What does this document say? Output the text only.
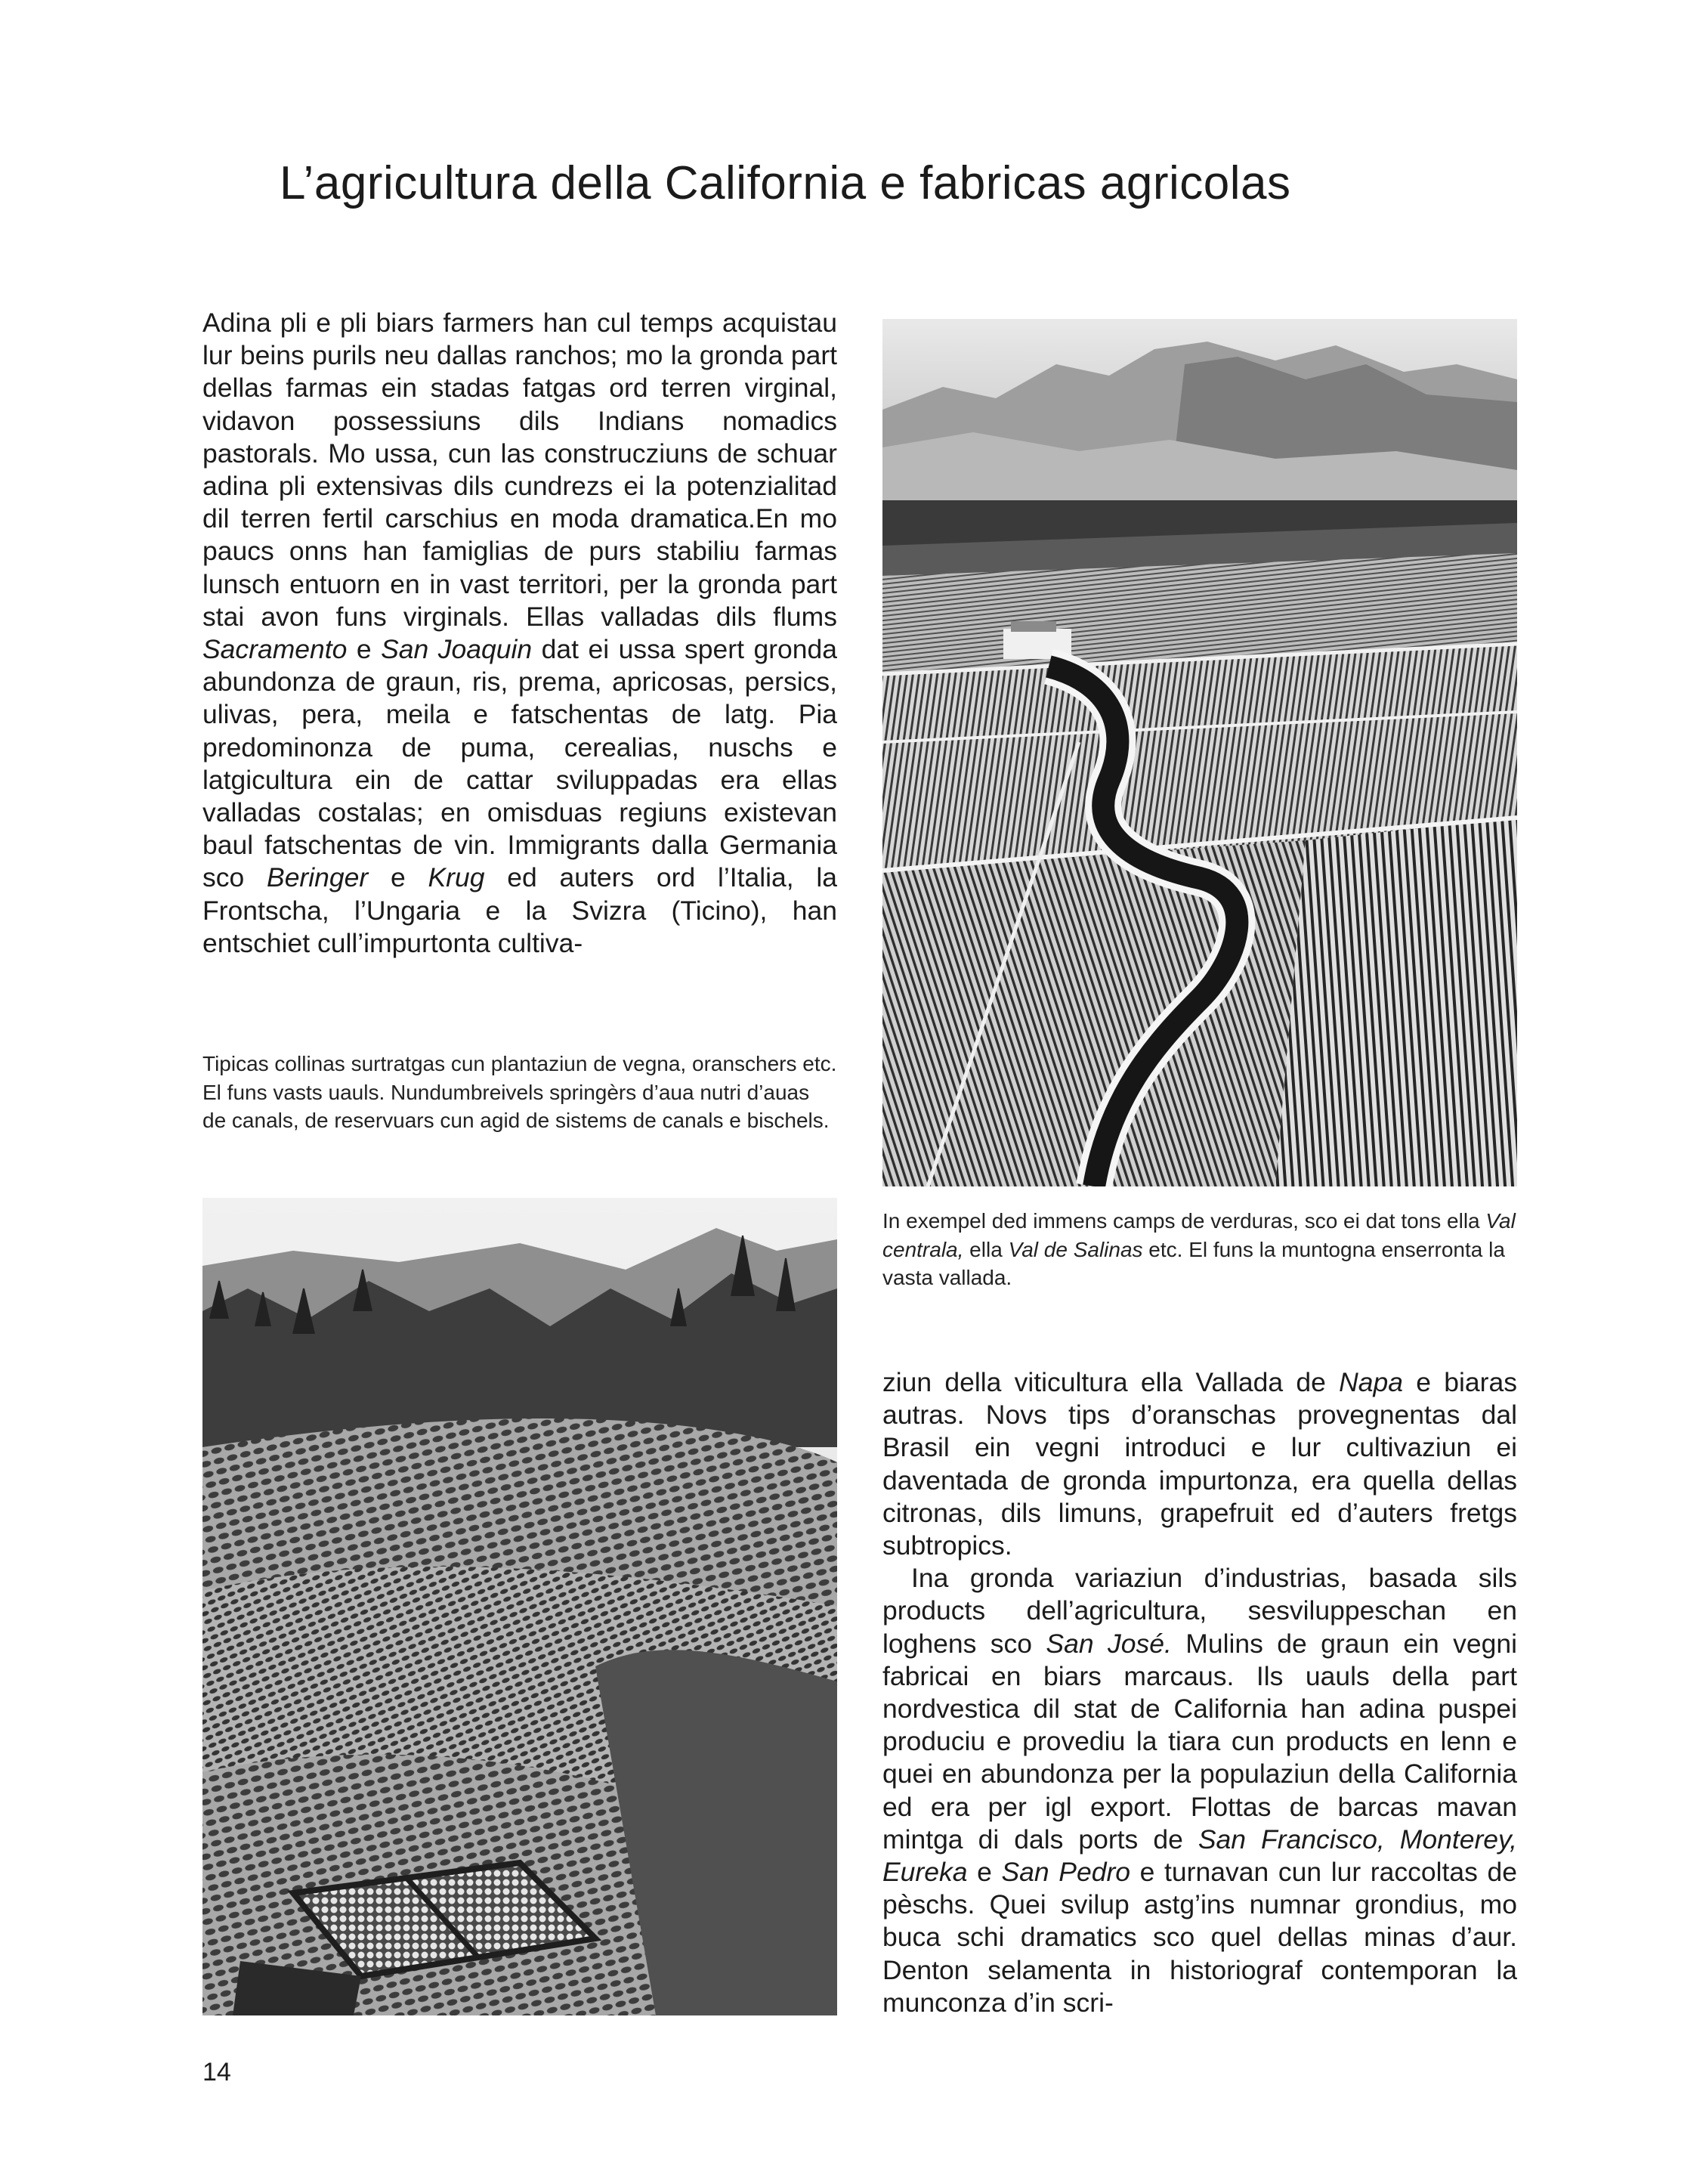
L’agricultura della California e fabricas agricolas

Adina pli e pli biars farmers han cul temps acquistau lur beins purils neu dallas ranchos; mo la gronda part dellas farmas ein stadas fatgas ord terren virginal, vidavon possessiuns dils Indians nomadics pastorals. Mo ussa, cun las construcziuns de schuar adina pli extensivas dils cundrezs ei la potenzialitad dil terren fertil carschius en moda dramatica.En mo paucs onns han famiglias de purs stabiliu farmas lunsch entuorn en in vast territori, per la gronda part stai avon funs virginals. Ellas valladas dils flums Sacramento e San Joaquin dat ei ussa spert gronda abundonza de graun, ris, prema, apricosas, persics, ulivas, pera, meila e fatschentas de latg. Pia predominonza de puma, cerealias, nuschs e latgicultura ein de cattar sviluppadas era ellas valladas costalas; en omisduas regiuns existevan baul fatschentas de vin. Immigrants dalla Germania sco Beringer e Krug ed auters ord l’Italia, la Frontscha, l’Ungaria e la Svizra (Ticino), han entschiet cull’impurtonta cultiva-

Tipicas collinas surtratgas cun plantaziun de vegna, oranschers etc. El funs vasts uauls. Nundumbreivels springèrs d’aua nutri d’auas de canals, de reservuars cun agid de sistems de canals e bischels.
In exempel ded immens camps de verduras, sco ei dat tons ella Val centrala, ella Val de Salinas etc. El funs la muntogna enserronta la vasta vallada.

ziun della viticultura ella Vallada de Napa e biaras autras. Novs tips d’oranschas provegnentas dal Brasil ein vegni introduci e lur cultivaziun ei daventada de gronda impurtonza, era quella dellas citronas, dils limuns, grapefruit ed d’auters fretgs subtropics.

Ina gronda variaziun d’industrias, basada sils products dell’agricultura, sesviluppeschan en loghens sco San José. Mulins de graun ein vegni fabricai en biars marcaus. Ils uauls della part nordvestica dil stat de California han adina puspei produciu e provediu la tiara cun products en lenn e quei en abundonza per la populaziun della California ed era per igl export. Flottas de barcas mavan mintga di dals ports de San Francisco, Monterey, Eureka e San Pedro e turnavan cun lur raccoltas de pèschs. Quei svilup astg’ins numnar grondius, mo buca schi dramatics sco quel dellas minas d’aur. Denton selamenta in historiograf contemporan la munconza d’in scri-

14
